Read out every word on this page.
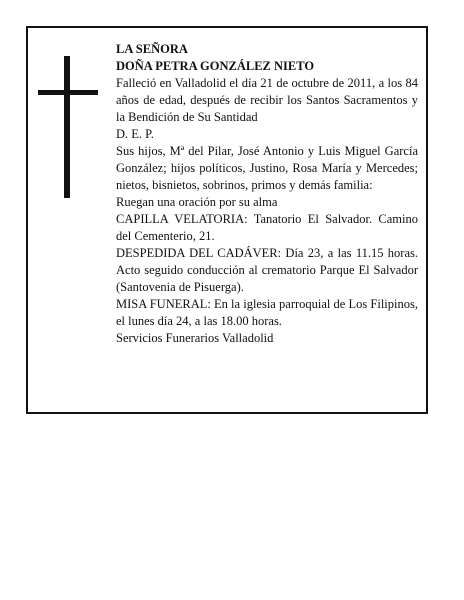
LA SEÑORA

DOÑA PETRA GONZÁLEZ NIETO

Falleció en Valladolid el día 21 de octubre de 2011, a los 84 años de edad, después de recibir los Santos Sacramentos y la Bendición de Su Santidad

D. E. P.

Sus hijos, Mª del Pilar, José Antonio y Luis Miguel García González; hijos políticos, Justino, Rosa María y Mercedes; nietos, bisnietos, sobrinos, primos y demás familia:

Ruegan una oración por su alma

CAPILLA VELATORIA: Tanatorio El Salvador. Camino del Cementerio, 21.

DESPEDIDA DEL CADÁVER: Día 23, a las 11.15 horas. Acto seguido conducción al crematorio Parque El Salvador (Santovenia de Pisuerga).

MISA FUNERAL: En la iglesia parroquial de Los Filipinos, el lunes día 24, a las 18.00 horas.

Servicios Funerarios Valladolid
